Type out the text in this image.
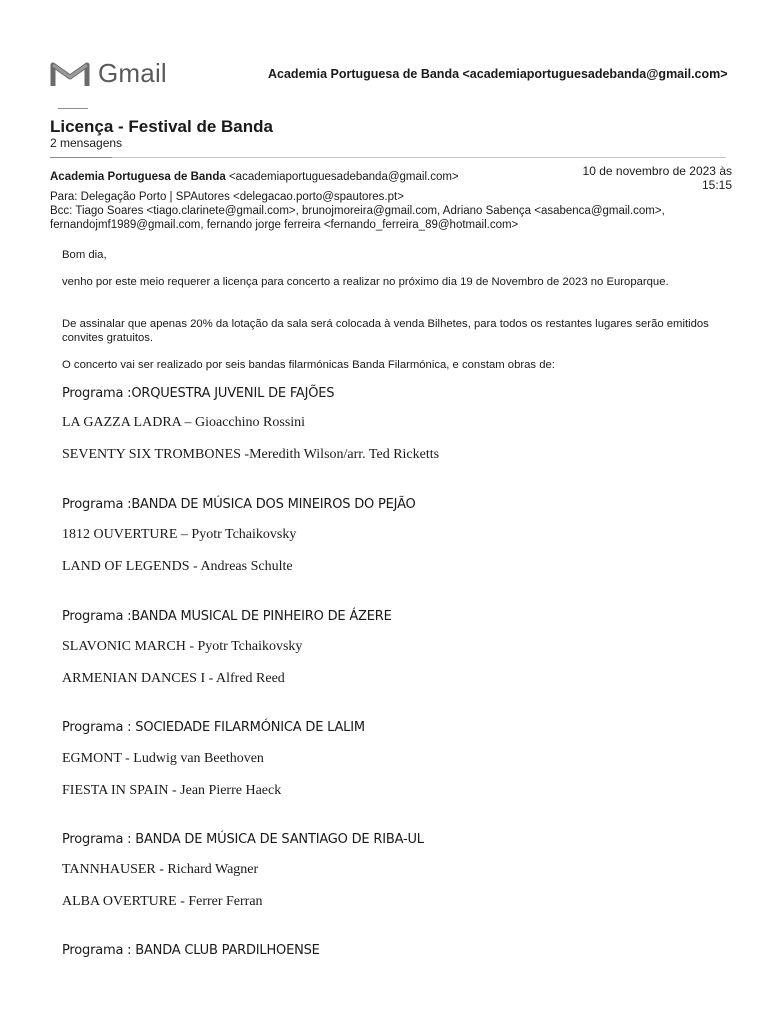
Gmail	Academia Portuguesa de Banda <academiaportuguesadebanda@gmail.com>
Licença - Festival de Banda
2 mensagens
Academia Portuguesa de Banda <academiaportuguesadebanda@gmail.com>	10 de novembro de 2023 às
15:15
Para: Delegação Porto | SPAutores <delegacao.porto@spautores.pt>
Bcc: Tiago Soares <tiago.clarinete@gmail.com>, brunojmoreira@gmail.com, Adriano Sabença <asabenca@gmail.com>,
fernandojmf1989@gmail.com, fernando jorge ferreira <fernando_ferreira_89@hotmail.com>
Bom dia,
venho por este meio requerer a licença para concerto a realizar no próximo dia 19 de Novembro de 2023 no Europarque.
De assinalar que apenas 20% da lotação da sala será colocada à venda Bilhetes, para todos os restantes lugares serão emitidos convites gratuitos.
O concerto vai ser realizado por seis bandas filarmónicas Banda Filarmónica, e constam obras de:
Programa :ORQUESTRA JUVENIL DE FAJÕES
LA GAZZA LADRA – Gioacchino Rossini
SEVENTY SIX TROMBONES -Meredith Wilson/arr. Ted Ricketts
Programa :BANDA DE MÚSICA DOS MINEIROS DO PEJÃO
1812 OUVERTURE – Pyotr Tchaikovsky
LAND OF LEGENDS - Andreas Schulte
Programa :BANDA MUSICAL DE PINHEIRO DE ÁZERE
SLAVONIC MARCH - Pyotr Tchaikovsky
ARMENIAN DANCES I - Alfred Reed
Programa : SOCIEDADE FILARMÓNICA DE LALIM
EGMONT - Ludwig van Beethoven
FIESTA IN SPAIN - Jean Pierre Haeck
Programa : BANDA DE MÚSICA DE SANTIAGO DE RIBA-UL
TANNHAUSER - Richard Wagner
ALBA OVERTURE - Ferrer Ferran
Programa : BANDA CLUB PARDILHOENSE
